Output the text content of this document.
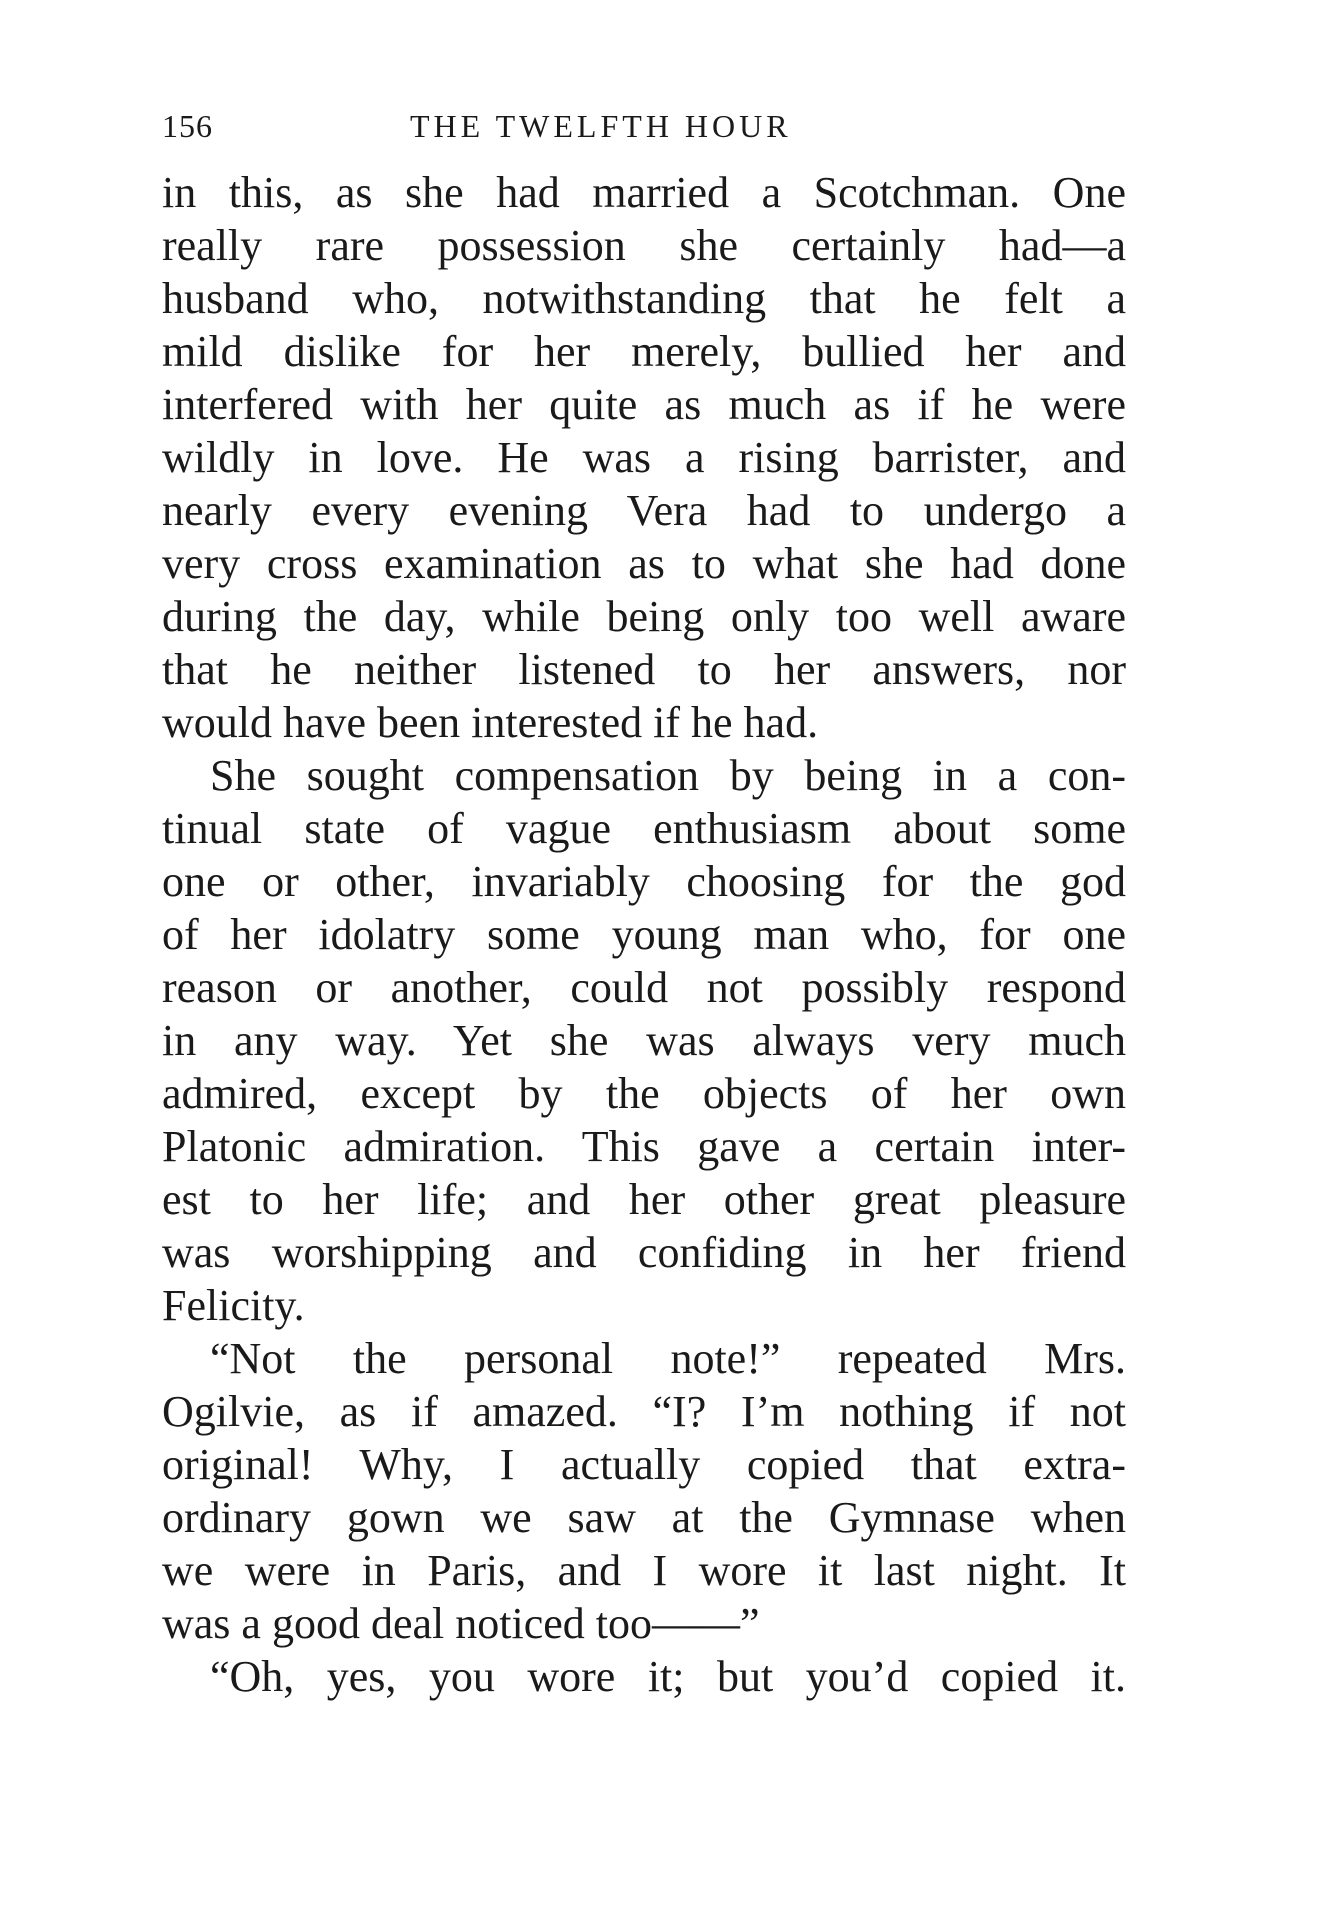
156	THE TWELFTH HOUR
in this, as she had married a Scotchman. One
really rare possession she certainly had—a
husband who, notwithstanding that he felt a
mild dislike for her merely, bullied her and
interfered with her quite as much as if he were
wildly in love. He was a rising barrister, and
nearly every evening Vera had to undergo a
very cross examination as to what she had done
during the day, while being only too well aware
that he neither listened to her answers, nor
would have been interested if he had.
She sought compensation by being in a con-
tinual state of vague enthusiasm about some
one or other, invariably choosing for the god
of her idolatry some young man who, for one
reason or another, could not possibly respond
in any way. Yet she was always very much
admired, except by the objects of her own
Platonic admiration. This gave a certain inter-
est to her life; and her other great pleasure
was worshipping and confiding in her friend
Felicity.
“Not the personal note!” repeated Mrs.
Ogilvie, as if amazed. “I? I’m nothing if not
original! Why, I actually copied that extra-
ordinary gown we saw at the Gymnase when
we were in Paris, and I wore it last night. It
was a good deal noticed too——”
“Oh, yes, you wore it; but you’d copied it.
